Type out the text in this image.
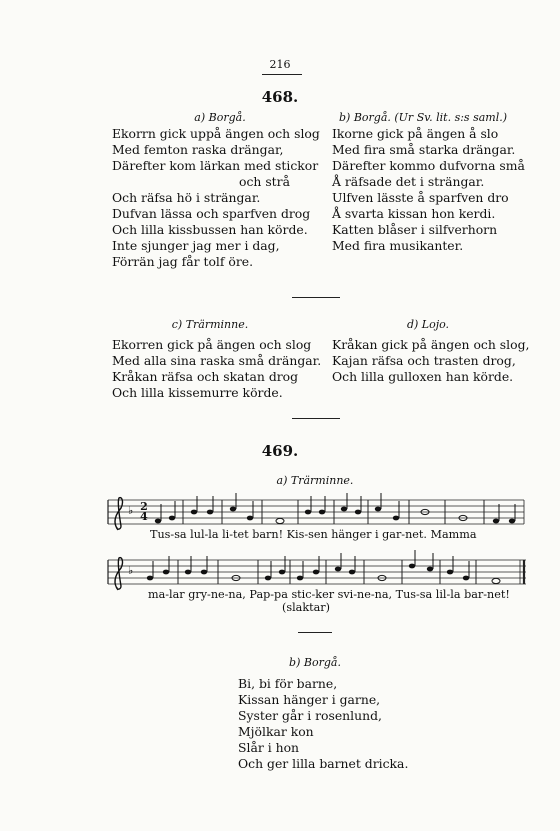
216
468.
a) Borgå.	b) Borgå. (Ur Sv. lit. s:s saml.)
Ekorrn gick uppå ängen och slog
Med femton raska drängar,
Därefter kom lärkan med stickor
och strå
Och räfsa hö i strängar.
Dufvan lässa och sparfven drog
Och lilla kissbussen han körde.
Inte sjunger jag mer i dag,
Förrän jag får tolf öre.
Ikorne gick på ängen å slo
Med fira små starka drängar.
Därefter kommo dufvorna små
Å räfsade det i strängar.
Ulfven lässte å sparfven dro
Å svarta kissan hon kerdi.
Katten blåser i silfverhorn
Med fira musikanter.
c) Trärminne.	d) Lojo.
Ekorren gick på ängen och slog
Med alla sina raska små drängar.
Kråkan räfsa och skatan drog
Och lilla kissemurre körde.
Kråkan gick på ängen och slog,
Kajan räfsa och trasten drog,
Och lilla gulloxen han körde.
469.
a) Trärminne.
♭ 2
4
Tus-sa lul-la li-tet barn! Kis-sen hänger i gar-net. Mamma
♭
ma-lar gry-ne-na, Pap-pa stic-ker svi-ne-na, Tus-sa lil-la bar-net!
(slaktar)
b) Borgå.
Bi, bi för barne,
Kissan hänger i garne,
Syster går i rosenlund,
Mjölkar kon
Slår i hon
Och ger lilla barnet dricka.
